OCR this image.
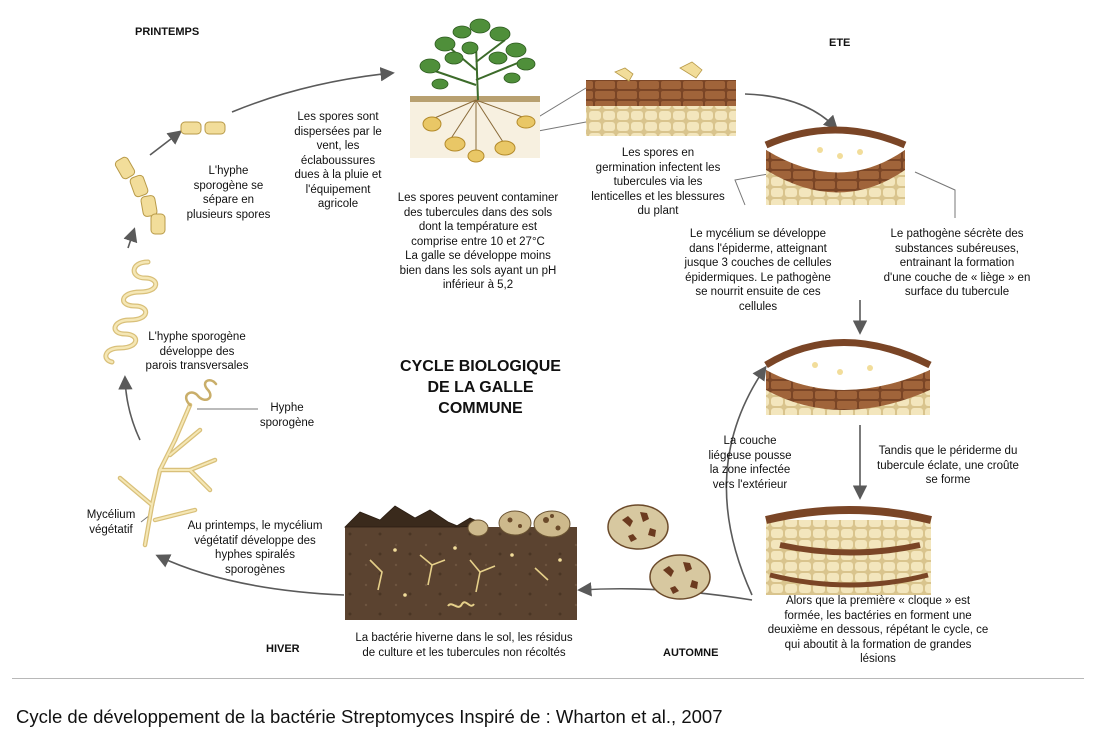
PRINTEMPS
ETE
HIVER	AUTOMNE
CYCLE BIOLOGIQUE
DE LA GALLE
COMMUNE
Les spores sont
dispersées par le
vent, les
éclaboussures
dues à la pluie et
l'équipement
agricole
L'hyphe
sporogène se
sépare en
plusieurs spores
Les spores peuvent contaminer
des tubercules dans des sols
dont la température est
comprise entre 10 et 27°C
La galle se développe moins
bien dans les sols ayant un pH
inférieur à 5,2
Les spores en
germination infectent les
tubercules via les
lenticelles et les blessures
du plant
Le mycélium se développe
dans l'épiderme, atteignant
jusque 3 couches de cellules
épidermiques. Le pathogène
se nourrit ensuite de ces
cellules
Le pathogène sécrète des
substances subéreuses,
entrainant la formation
d'une couche de « liège » en
surface du tubercule
L'hyphe sporogène
développe des
parois transversales
Hyphe
sporogène
Mycélium
végétatif	Au printemps, le mycélium
végétatif développe des
hyphes spiralés
sporogènes
La couche
liégeuse pousse
la zone infectée
vers l'extérieur
Tandis que le périderme du
tubercule éclate, une croûte
se forme
Alors que la première « cloque » est
formée, les bactéries en forment une
deuxième en dessous, répétant le cycle, ce
qui aboutit à la formation de grandes
lésions
La bactérie hiverne dans le sol, les résidus
de culture et les tubercules non récoltés
Cycle de développement de la bactérie Streptomyces Inspiré de : Wharton et al., 2007
